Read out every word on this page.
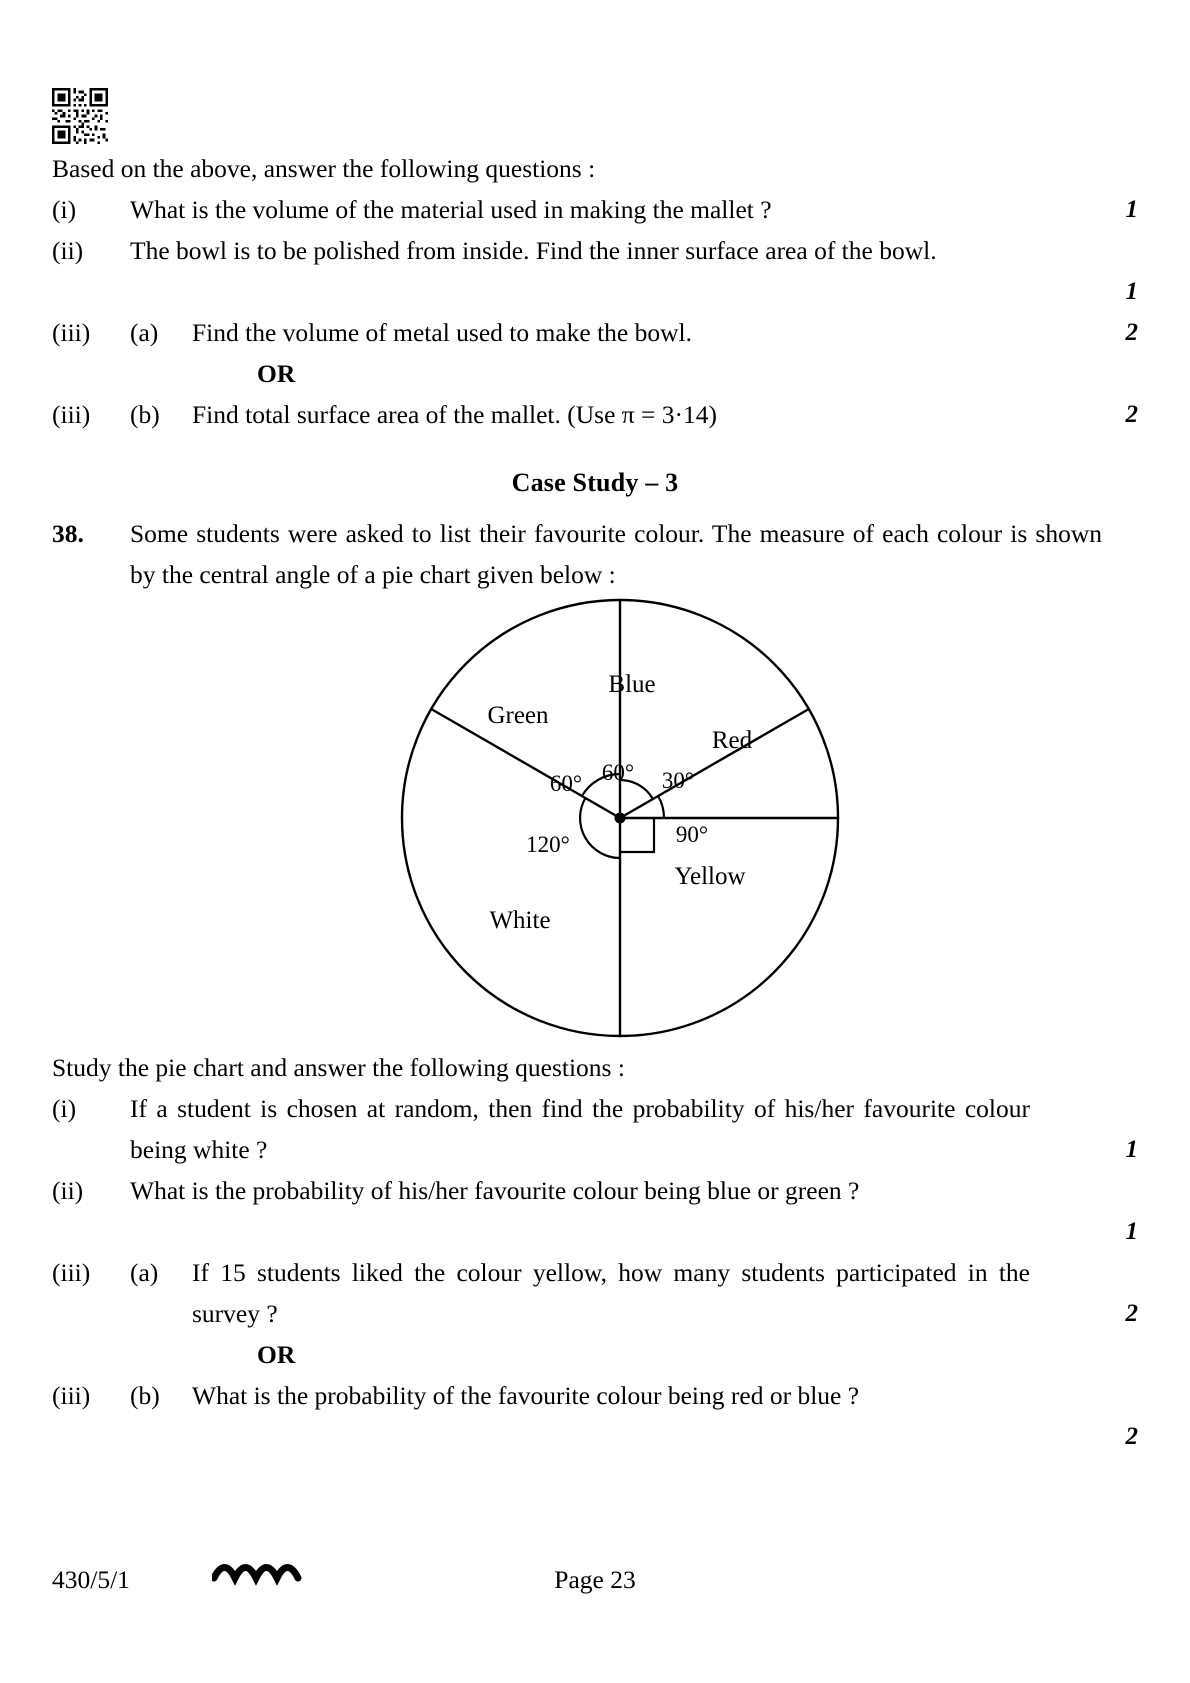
Based on the above, answer the following questions :
(i) What is the volume of the material used in making the mallet ?	1
(ii) The bowl is to be polished from inside. Find the inner surface area of the bowl.
1
(iii) (a) Find the volume of metal used to make the bowl.	2
OR
(iii) (b) Find total surface area of the mallet. (Use π = 3·14)	2
Case Study – 3
38. Some students were asked to list their favourite colour. The measure of each colour is shown by the central angle of a pie chart given below :
Green
Blue
Red
Yellow
White
60° 60° 30°
90°
120°
Study the pie chart and answer the following questions :
(i) If a student is chosen at random, then find the probability of his/her favourite colour being white ?	1
(ii) What is the probability of his/her favourite colour being blue or green ?
1
(iii) (a) If 15 students liked the colour yellow, how many students participated in the survey ?	2
OR
(iii) (b) What is the probability of the favourite colour being red or blue ?
2
430/5/1	Page 23
